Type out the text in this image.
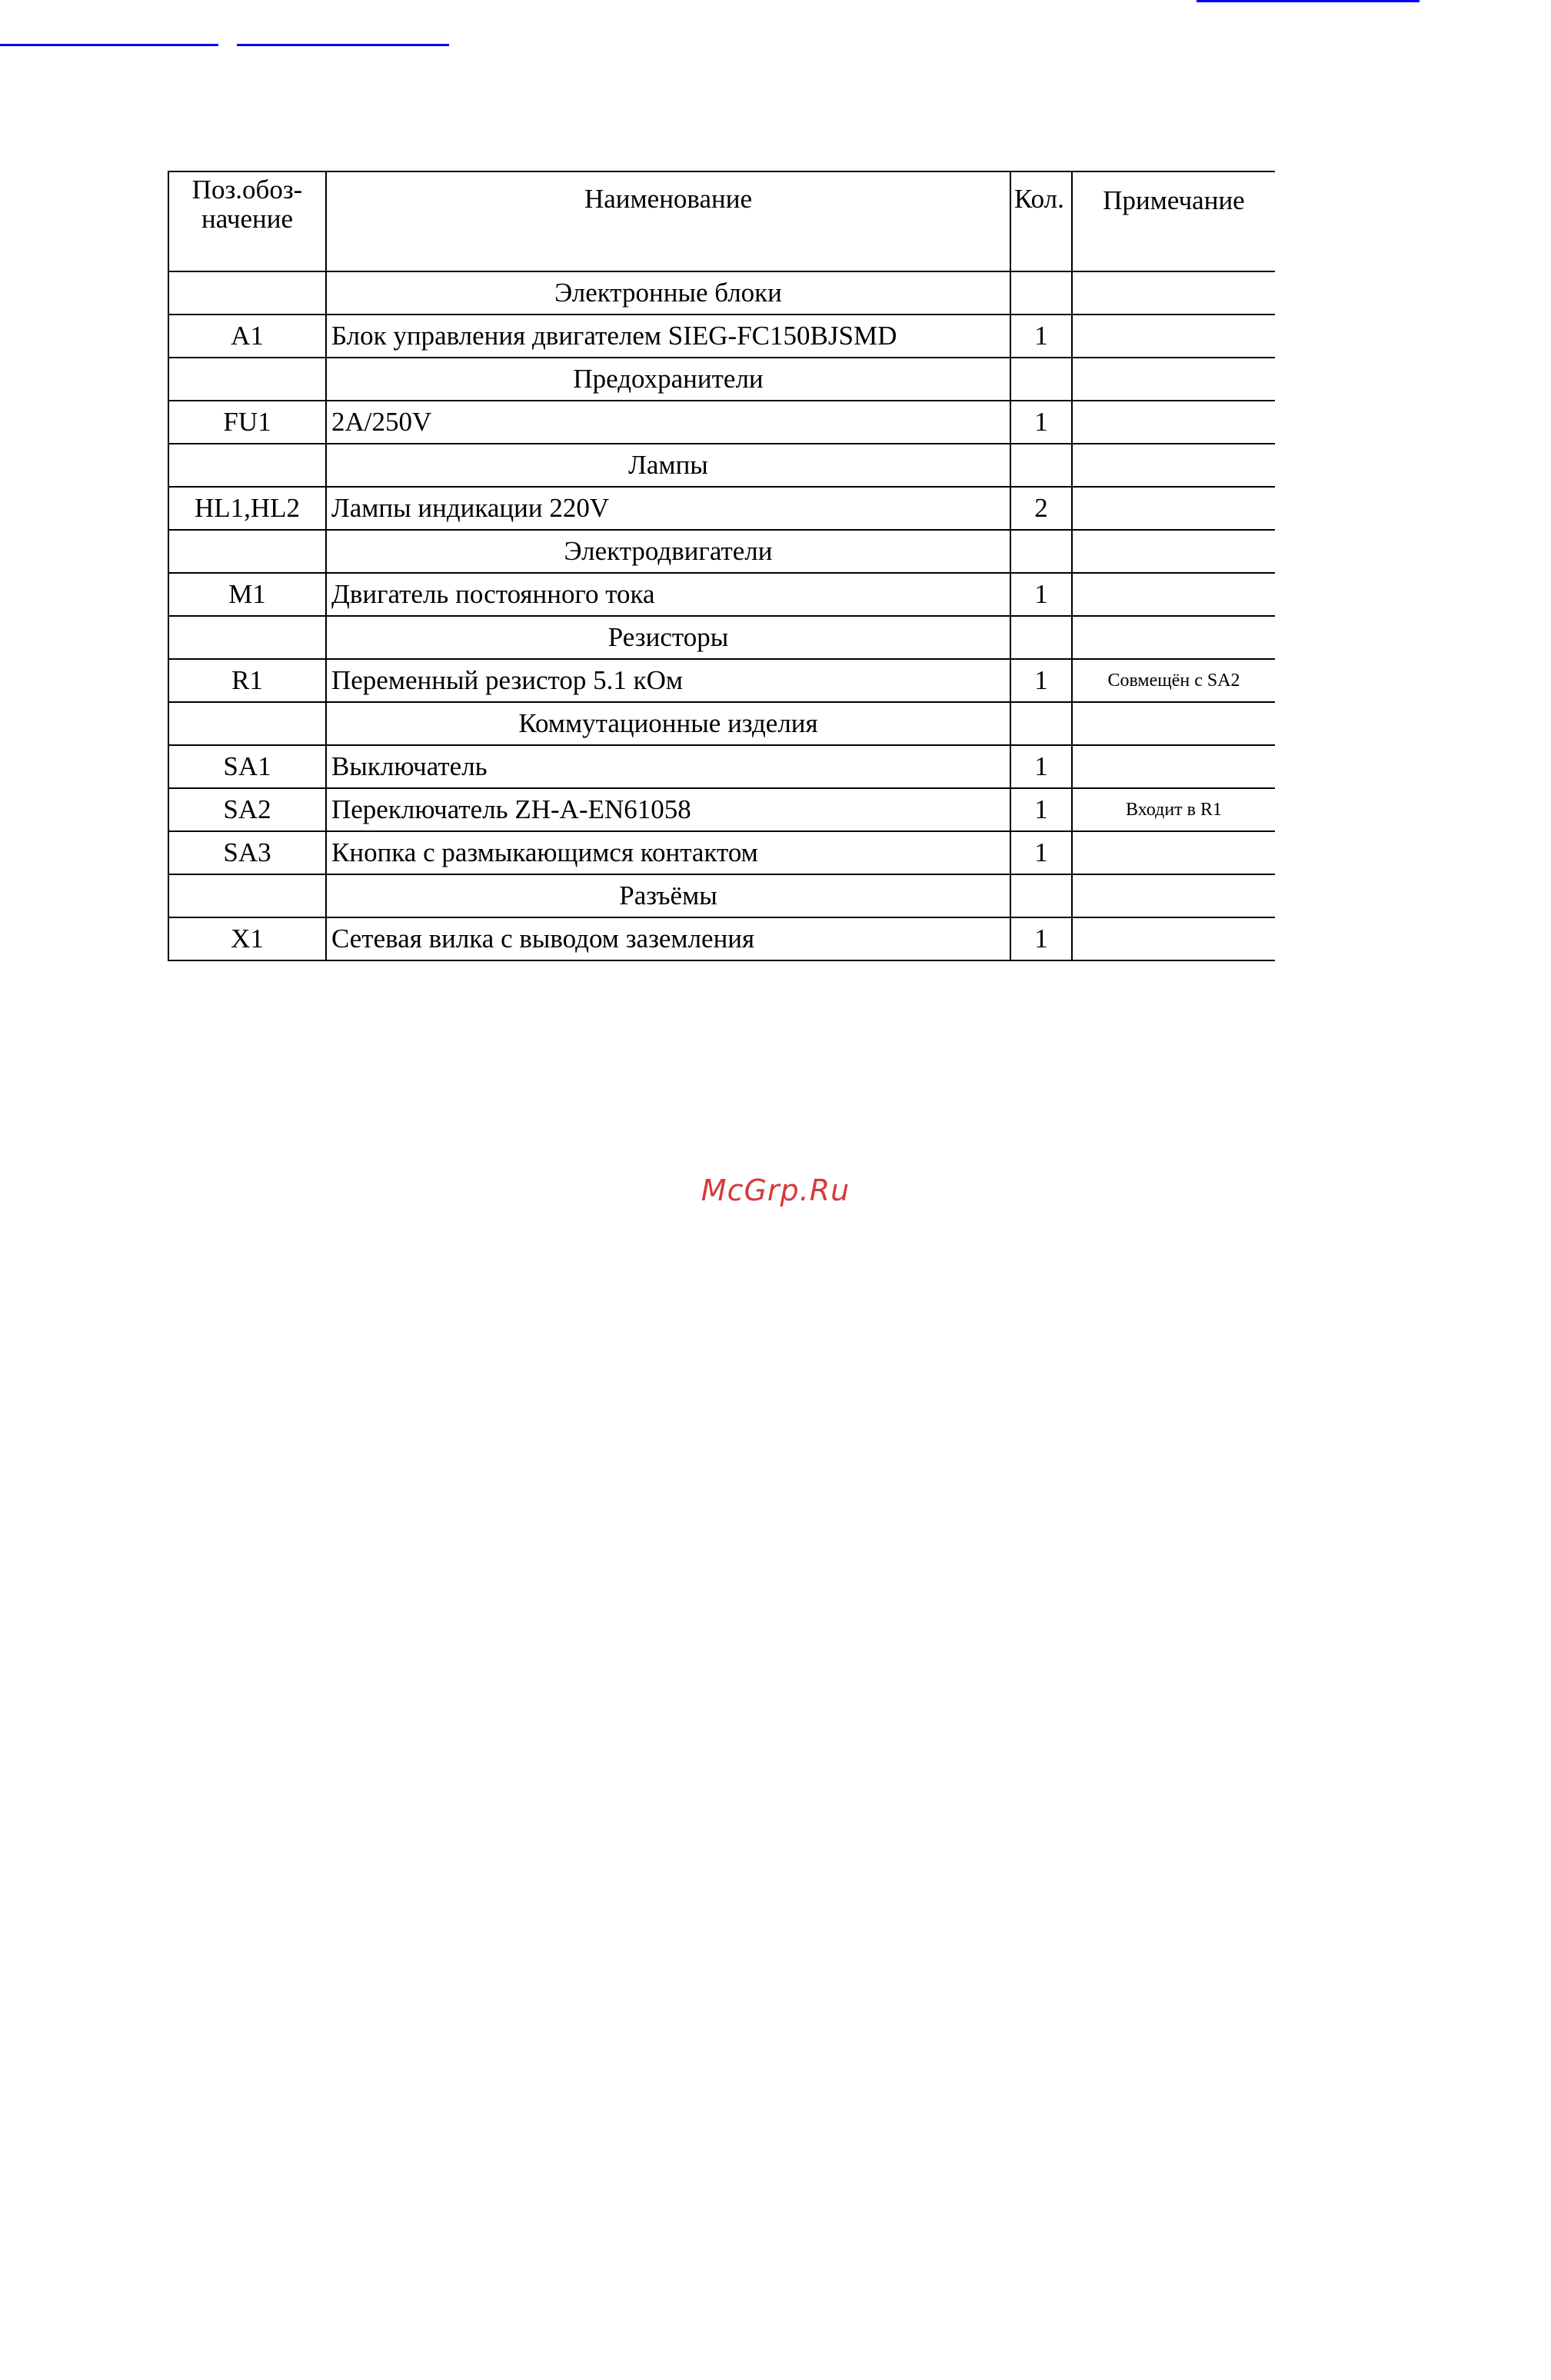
Поз.обоз-начение	Наименование	Кол.	Примечание
	Электронные блоки		
A1	Блок управления двигателем SIEG-FC150BJSMD	1	
	Предохранители		
FU1	2A/250V	1	
	Лампы		
HL1,HL2	Лампы индикации 220V	2	
	Электродвигатели		
M1	Двигатель постоянного тока	1	
	Резисторы		
R1	Переменный резистор 5.1 кОм	1	Совмещён с SA2
	Коммутационные изделия		
SA1	Выключатель	1	
SA2	Переключатель ZH-A-EN61058	1	Входит в R1
SA3	Кнопка с размыкающимся контактом	1	
	Разъёмы		
X1	Сетевая вилка с выводом заземления	1	
McGrp.Ru
